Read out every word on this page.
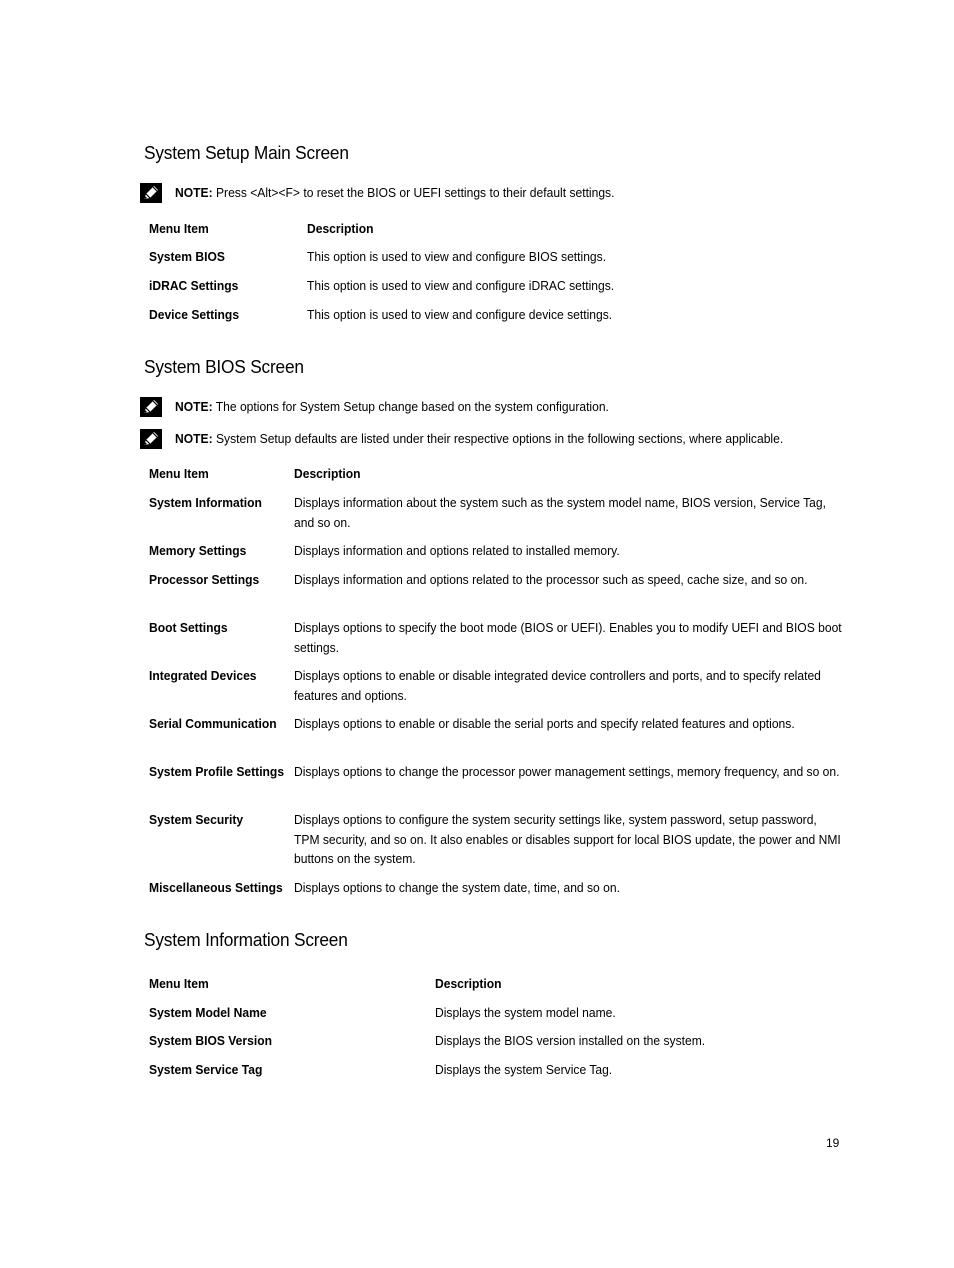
System Setup Main Screen
NOTE: Press <Alt><F> to reset the BIOS or UEFI settings to their default settings.
Menu Item	Description
System BIOS	This option is used to view and configure BIOS settings.
iDRAC Settings	This option is used to view and configure iDRAC settings.
Device Settings	This option is used to view and configure device settings.
System BIOS Screen
NOTE: The options for System Setup change based on the system configuration.
NOTE: System Setup defaults are listed under their respective options in the following sections, where applicable.
Menu Item	Description
System Information Displays information about the system such as the system model name, BIOS version, Service Tag, and so on.
Memory Settings	Displays information and options related to installed memory.
Processor Settings	Displays information and options related to the processor such as speed, cache size, and so on.
Boot Settings	Displays options to specify the boot mode (BIOS or UEFI). Enables you to modify UEFI and BIOS boot settings.
Integrated Devices	Displays options to enable or disable integrated device controllers and ports, and to specify related features and options.
Serial Communication Displays options to enable or disable the serial ports and specify related features and options.
System Profile Settings Displays options to change the processor power management settings, memory frequency, and so on.
System Security	Displays options to configure the system security settings like, system password, setup password, TPM security, and so on. It also enables or disables support for local BIOS update, the power and NMI buttons on the system.
Miscellaneous Settings Displays options to change the system date, time, and so on.
System Information Screen
Menu Item	Description
System Model Name	Displays the system model name.
System BIOS Version	Displays the BIOS version installed on the system.
System Service Tag	Displays the system Service Tag.
19
